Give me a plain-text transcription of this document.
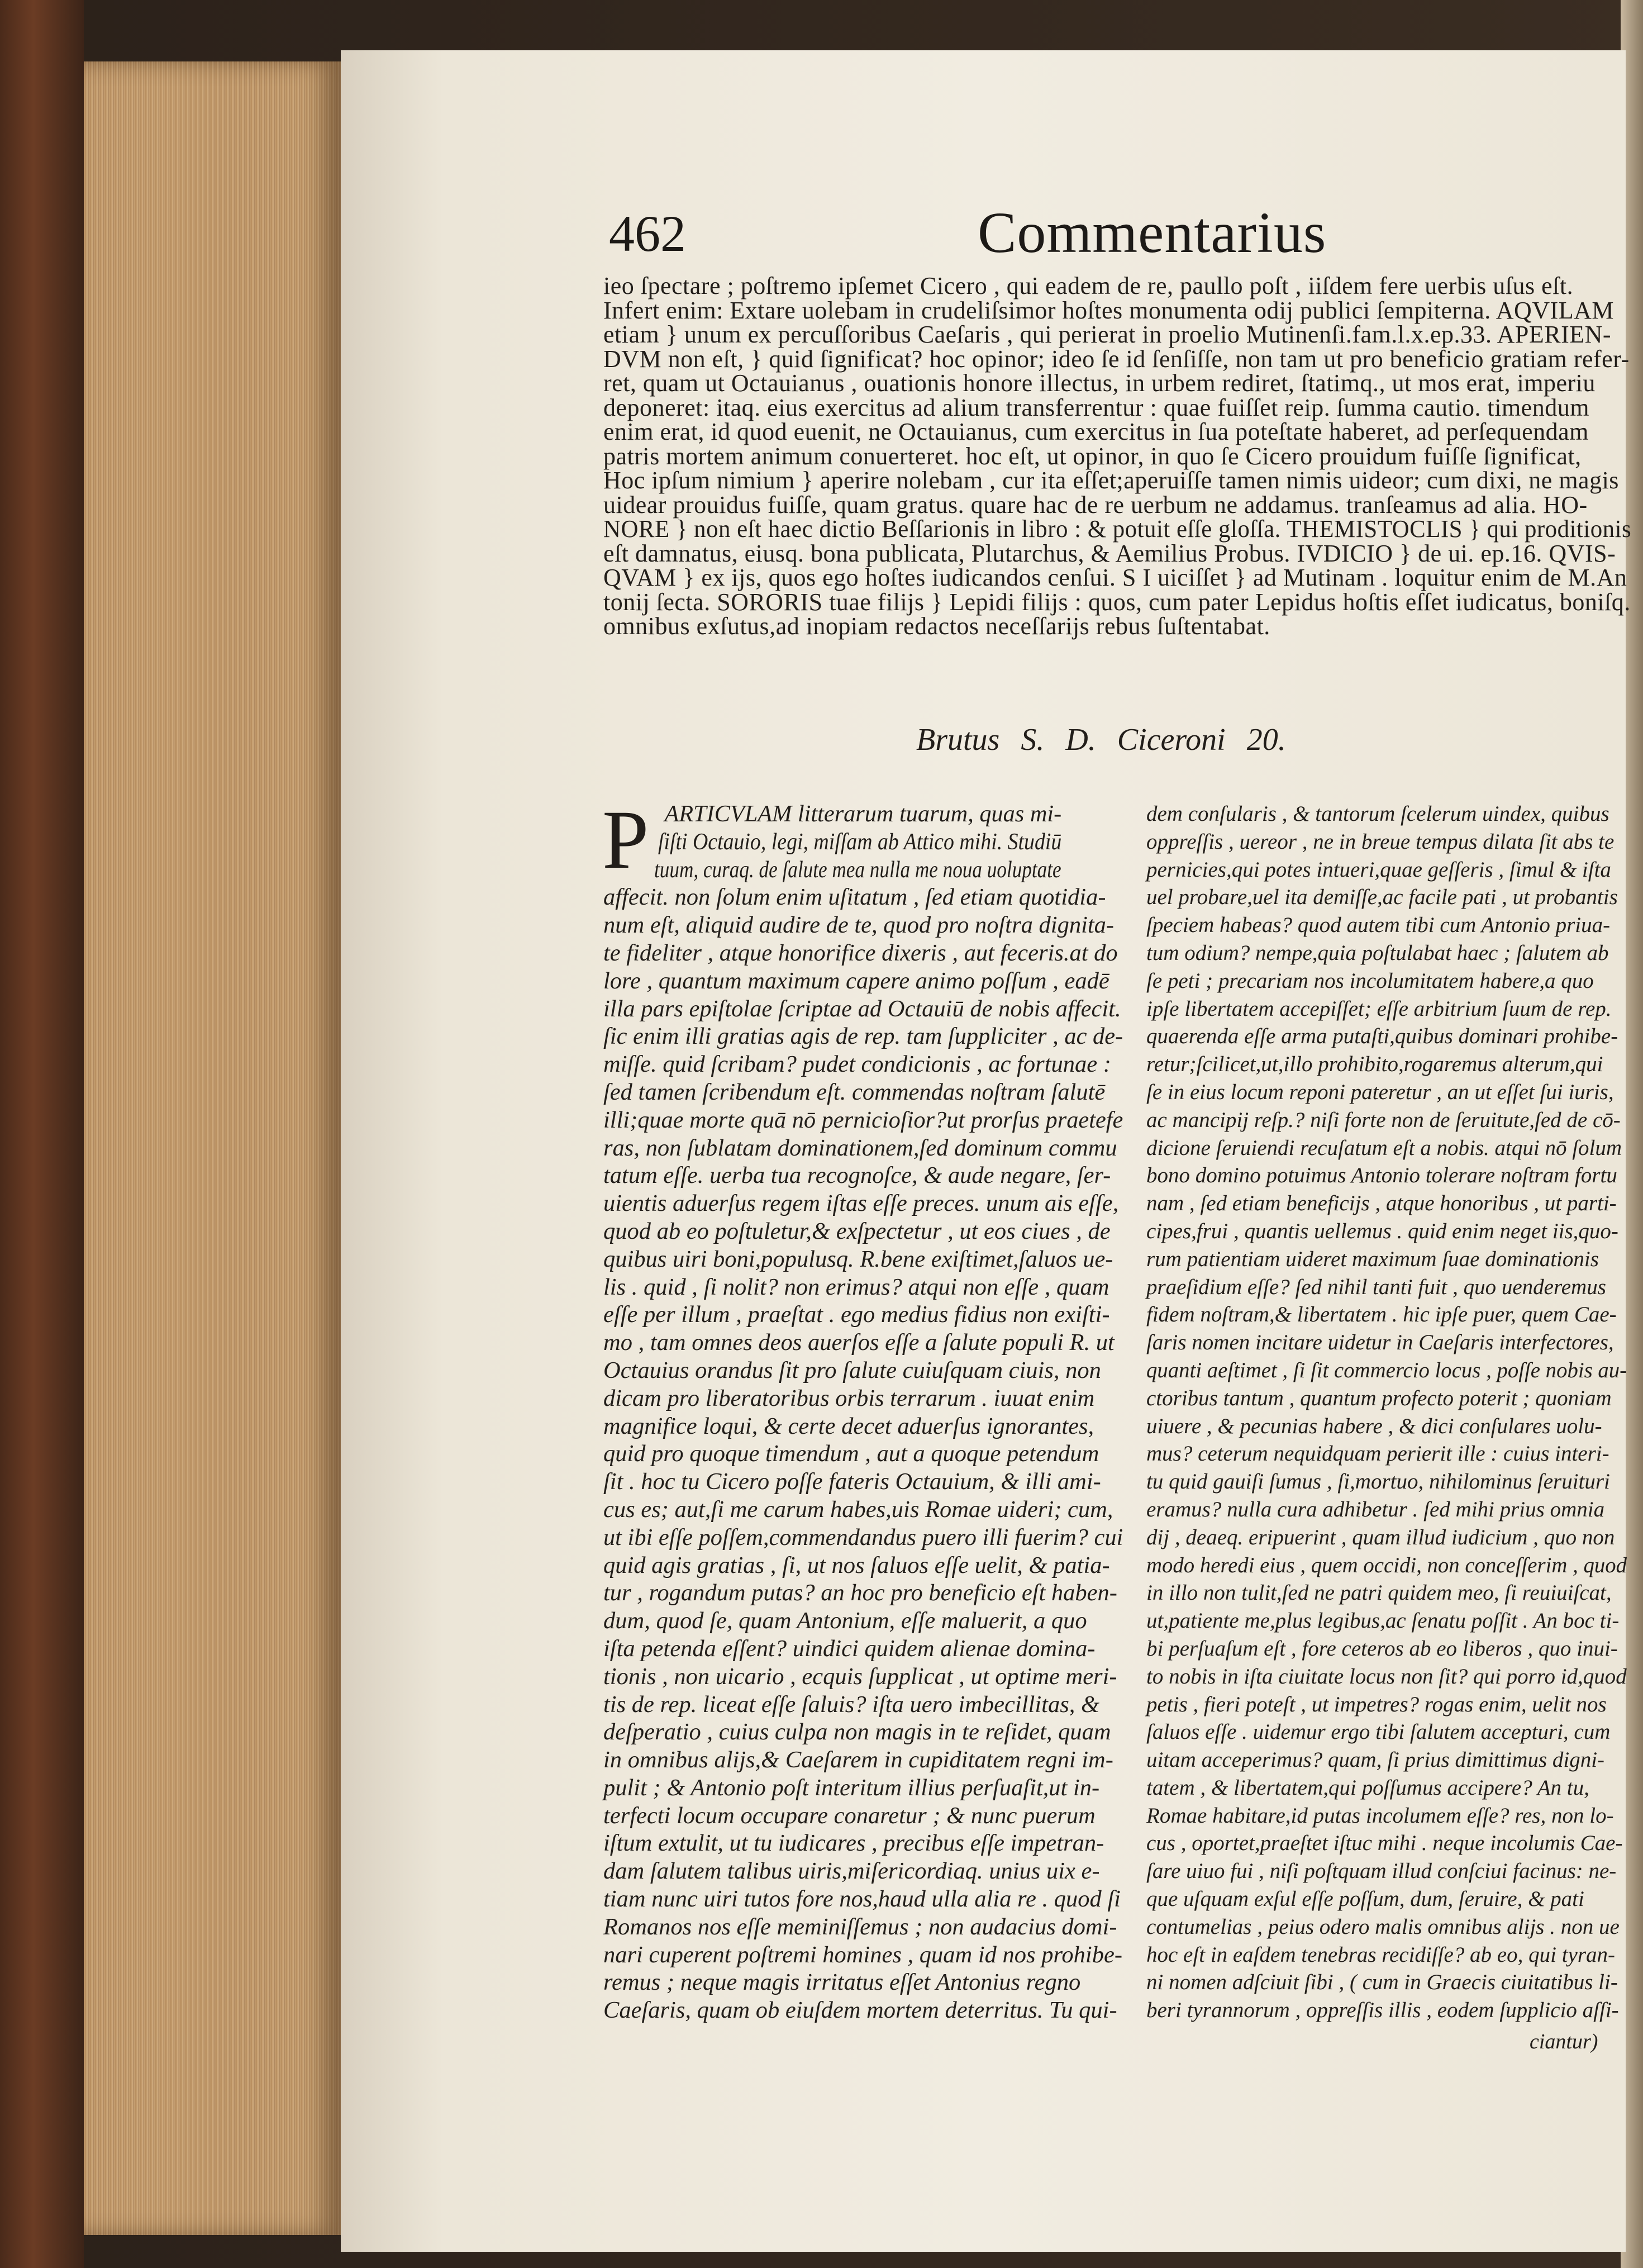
462	Commentarius
ieo ſpectare ; poſtremo ipſemet Cicero , qui eadem de re, paullo poſt , iiſdem fere uerbis uſus eſt.
Infert enim: Extare uolebam in crudeliſsimor hoſtes monumenta odij publici ſempiterna. AQVILAM
etiam } unum ex percuſſoribus Caeſaris , qui perierat in proelio Mutinenſi.fam.l.x.ep.33. APERIEN-
DVM non eſt, } quid ſignificat? hoc opinor; ideo ſe id ſenſiſſe, non tam ut pro beneficio gratiam refer-
ret, quam ut Octauianus , ouationis honore illectus, in urbem rediret, ſtatimq., ut mos erat, imperiu
deponeret: itaq. eius exercitus ad alium transferrentur : quae fuiſſet reip. ſumma cautio. timendum
enim erat, id quod euenit, ne Octauianus, cum exercitus in ſua poteſtate haberet, ad perſequendam
patris mortem animum conuerteret. hoc eſt, ut opinor, in quo ſe Cicero prouidum fuiſſe ſignificat,
Hoc ipſum nimium } aperire nolebam , cur ita eſſet;aperuiſſe tamen nimis uideor; cum dixi, ne magis
uidear prouidus fuiſſe, quam gratus. quare hac de re uerbum ne addamus. tranſeamus ad alia. HO-
NORE } non eſt haec dictio Beſſarionis in libro : & potuit eſſe gloſſa. THEMISTOCLIS } qui proditionis
eſt damnatus, eiusq. bona publicata, Plutarchus, & Aemilius Probus. IVDICIO } de ui. ep.16. QVIS-
QVAM } ex ijs, quos ego hoſtes iudicandos cenſui. S I uiciſſet } ad Mutinam . loquitur enim de M.An
tonij ſecta. SORORIS tuae filijs } Lepidi filijs : quos, cum pater Lepidus hoſtis eſſet iudicatus, boniſq.
omnibus exſutus,ad inopiam redactos neceſſarijs rebus ſuſtentabat.
Brutus S. D. Ciceroni 20.
P ARTICVLAM litterarum tuarum, quas mi-
ſiſti Octauio, legi, miſſam ab Attico mihi. Studiū
tuum, curaq. de ſalute mea nulla me noua uoluptate
affecit. non ſolum enim uſitatum , ſed etiam quotidia-
num eſt, aliquid audire de te, quod pro noſtra dignita-
te fideliter , atque honorifice dixeris , aut feceris.at do
lore , quantum maximum capere animo poſſum , eadē
illa pars epiſtolae ſcriptae ad Octauiū de nobis affecit.
ſic enim illi gratias agis de rep. tam ſuppliciter , ac de-
miſſe. quid ſcribam? pudet condicionis , ac fortunae :
ſed tamen ſcribendum eſt. commendas noſtram ſalutē
illi;quae morte quā nō pernicioſior?ut prorſus praetefe
ras, non ſublatam dominationem,ſed dominum commu
tatum eſſe. uerba tua recognoſce, & aude negare, ſer-
uientis aduerſus regem iſtas eſſe preces. unum ais eſſe,
quod ab eo poſtuletur,& exſpectetur , ut eos ciues , de
quibus uiri boni,populusq. R.bene exiſtimet,ſaluos ue-
lis . quid , ſi nolit? non erimus? atqui non eſſe , quam
eſſe per illum , praeſtat . ego medius fidius non exiſti-
mo , tam omnes deos auerſos eſſe a ſalute populi R. ut
Octauius orandus ſit pro ſalute cuiuſquam ciuis, non
dicam pro liberatoribus orbis terrarum . iuuat enim
magnifice loqui, & certe decet aduerſus ignorantes,
quid pro quoque timendum , aut a quoque petendum
ſit . hoc tu Cicero poſſe fateris Octauium, & illi ami-
cus es; aut,ſi me carum habes,uis Romae uideri; cum,
ut ibi eſſe poſſem,commendandus puero illi fuerim? cui
quid agis gratias , ſi, ut nos ſaluos eſſe uelit, & patia-
tur , rogandum putas? an hoc pro beneficio eſt haben-
dum, quod ſe, quam Antonium, eſſe maluerit, a quo
iſta petenda eſſent? uindici quidem alienae domina-
tionis , non uicario , ecquis ſupplicat , ut optime meri-
tis de rep. liceat eſſe ſaluis? iſta uero imbecillitas, &
deſperatio , cuius culpa non magis in te reſidet, quam
in omnibus alijs,& Caeſarem in cupiditatem regni im-
pulit ; & Antonio poſt interitum illius perſuaſit,ut in-
terfecti locum occupare conaretur ; & nunc puerum
iſtum extulit, ut tu iudicares , precibus eſſe impetran-
dam ſalutem talibus uiris,miſericordiaq. unius uix e-
tiam nunc uiri tutos fore nos,haud ulla alia re . quod ſi
Romanos nos eſſe meminiſſemus ; non audacius domi-
nari cuperent poſtremi homines , quam id nos prohibe-
remus ; neque magis irritatus eſſet Antonius regno
Caeſaris, quam ob eiuſdem mortem deterritus. Tu qui-
dem conſularis , & tantorum ſcelerum uindex, quibus
oppreſſis , uereor , ne in breue tempus dilata ſit abs te
pernicies,qui potes intueri,quae geſſeris , ſimul & iſta
uel probare,uel ita demiſſe,ac facile pati , ut probantis
ſpeciem habeas? quod autem tibi cum Antonio priua-
tum odium? nempe,quia poſtulabat haec ; ſalutem ab
ſe peti ; precariam nos incolumitatem habere,a quo
ipſe libertatem accepiſſet; eſſe arbitrium ſuum de rep.
quaerenda eſſe arma putaſti,quibus dominari prohibe-
retur;ſcilicet,ut,illo prohibito,rogaremus alterum,qui
ſe in eius locum reponi pateretur , an ut eſſet ſui iuris,
ac mancipij reſp.? niſi forte non de ſeruitute,ſed de cō-
dicione ſeruiendi recuſatum eſt a nobis. atqui nō ſolum
bono domino potuimus Antonio tolerare noſtram fortu
nam , ſed etiam beneficijs , atque honoribus , ut parti-
cipes,frui , quantis uellemus . quid enim neget iis,quo-
rum patientiam uideret maximum ſuae dominationis
praeſidium eſſe? ſed nihil tanti fuit , quo uenderemus
fidem noſtram,& libertatem . hic ipſe puer, quem Cae-
ſaris nomen incitare uidetur in Caeſaris interfectores,
quanti aeſtimet , ſi ſit commercio locus , poſſe nobis au-
ctoribus tantum , quantum profecto poterit ; quoniam
uiuere , & pecunias habere , & dici conſulares uolu-
mus? ceterum nequidquam perierit ille : cuius interi-
tu quid gauiſi ſumus , ſi,mortuo, nihilominus ſeruituri
eramus? nulla cura adhibetur . ſed mihi prius omnia
dij , deaeq. eripuerint , quam illud iudicium , quo non
modo heredi eius , quem occidi, non conceſſerim , quod
in illo non tulit,ſed ne patri quidem meo, ſi reuiuiſcat,
ut,patiente me,plus legibus,ac ſenatu poſſit . An boc ti-
bi perſuaſum eſt , fore ceteros ab eo liberos , quo inui-
to nobis in iſta ciuitate locus non ſit? qui porro id,quod
petis , fieri poteſt , ut impetres? rogas enim, uelit nos
ſaluos eſſe . uidemur ergo tibi ſalutem accepturi, cum
uitam acceperimus? quam, ſi prius dimittimus digni-
tatem , & libertatem,qui poſſumus accipere? An tu,
Romae habitare,id putas incolumem eſſe? res, non lo-
cus , oportet,praeſtet iſtuc mihi . neque incolumis Cae-
ſare uiuo fui , niſi poſtquam illud conſciui facinus: ne-
que uſquam exſul eſſe poſſum, dum, ſeruire, & pati
contumelias , peius odero malis omnibus alijs . non ue
hoc eſt in eaſdem tenebras recidiſſe? ab eo, qui tyran-
ni nomen adſciuit ſibi , ( cum in Graecis ciuitatibus li-
beri tyrannorum , oppreſſis illis , eodem ſupplicio aſſi-
ciantur)
